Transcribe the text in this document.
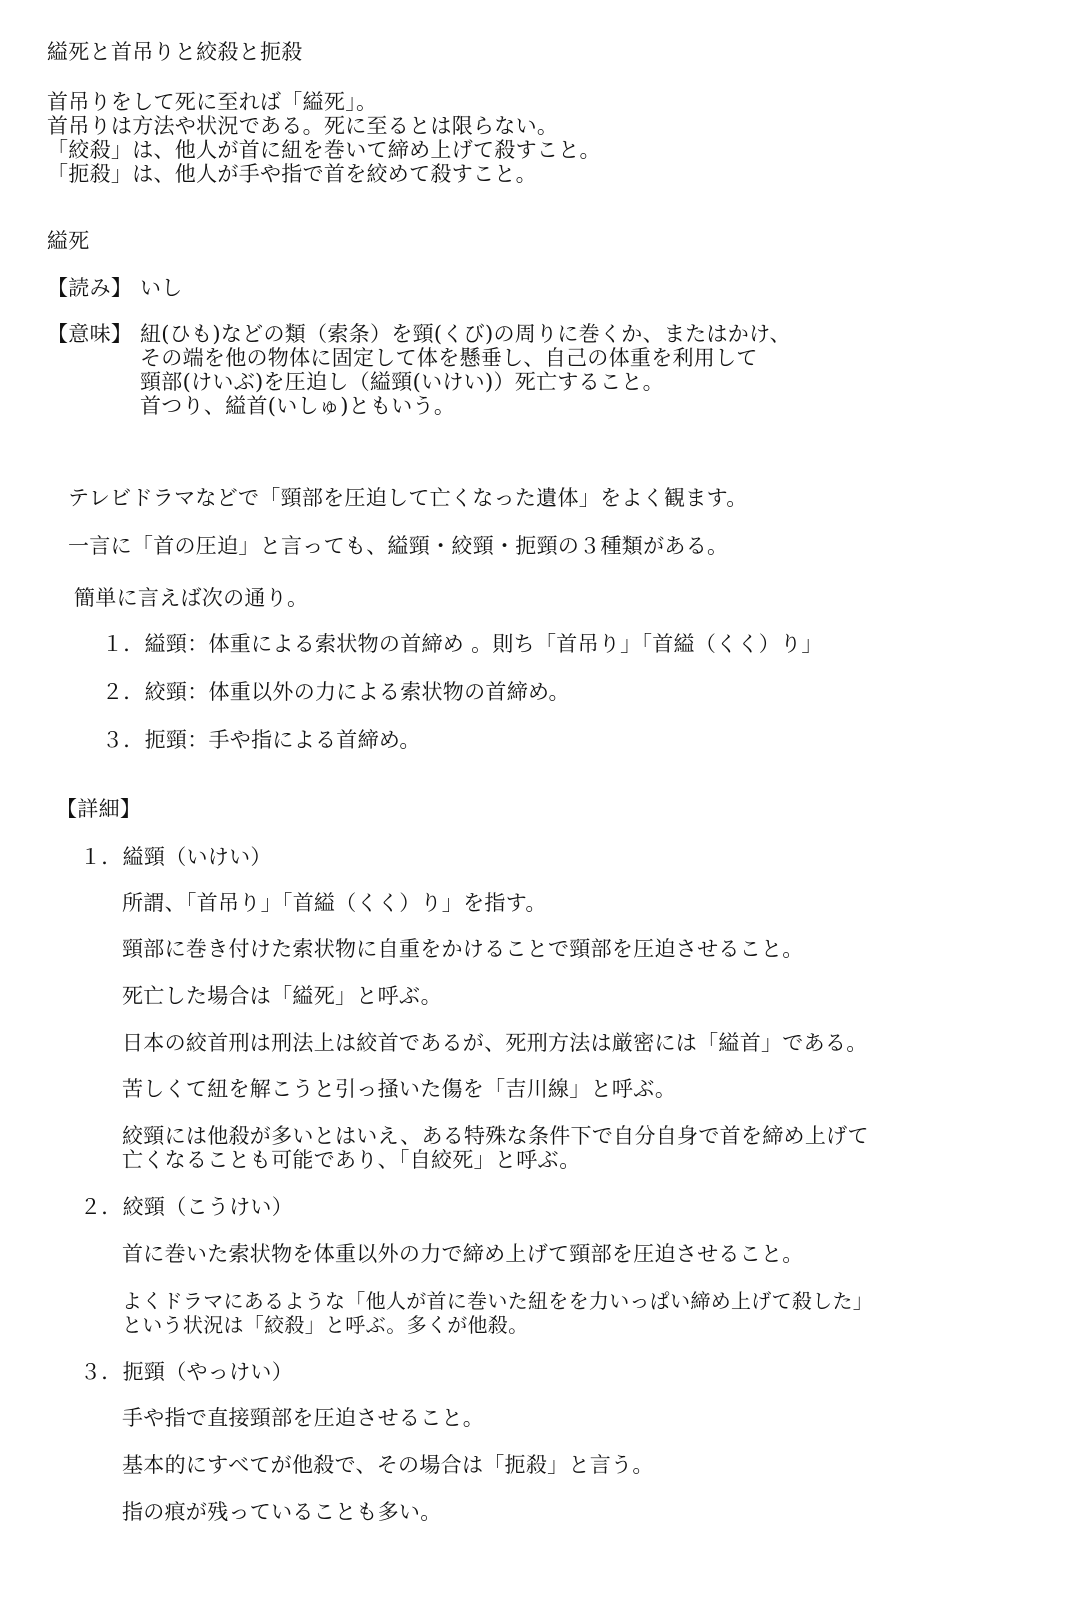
縊死と首吊りと絞殺と扼殺

首吊りをして死に至れば「縊死」。

首吊りは方法や状況である。死に至るとは限らない。

「絞殺」は、他人が首に紐を巻いて締め上げて殺すこと。

「扼殺」は、他人が手や指で首を絞めて殺すこと。

縊死

【読み】 いし

【意味】 紐(ひも)などの類（索条）を頸(くび)の周りに巻くか、またはかけ、

その端を他の物体に固定して体を懸垂し、自己の体重を利用して

頸部(けいぶ)を圧迫し（縊頸(いけい)）死亡すること。

首つり、縊首(いしゅ)ともいう。

テレビドラマなどで「頸部を圧迫して亡くなった遺体」をよく観ます。

一言に「首の圧迫」と言っても、縊頸・絞頸・扼頸の３種類がある。

簡単に言えば次の通り。

１．縊頸：体重による索状物の首締め 。則ち「首吊り」「首縊（くく）り」

２．絞頸：体重以外の力による索状物の首締め。

３．扼頸：手や指による首締め。

【詳細】

１．縊頸（いけい）

所謂、「首吊り」「首縊（くく）り」を指す。

頸部に巻き付けた索状物に自重をかけることで頸部を圧迫させること。

死亡した場合は「縊死」と呼ぶ。

日本の絞首刑は刑法上は絞首であるが、死刑方法は厳密には「縊首」である。

苦しくて紐を解こうと引っ掻いた傷を「吉川線」と呼ぶ。

絞頸には他殺が多いとはいえ、ある特殊な条件下で自分自身で首を締め上げて

亡くなることも可能であり、「自絞死」と呼ぶ。

２．絞頸（こうけい）

首に巻いた索状物を体重以外の力で締め上げて頸部を圧迫させること。

よくドラマにあるような「他人が首に巻いた紐をを力いっぱい締め上げて殺した」

という状況は「絞殺」と呼ぶ。多くが他殺。

３．扼頸（やっけい）

手や指で直接頸部を圧迫させること。

基本的にすべてが他殺で、その場合は「扼殺」と言う。

指の痕が残っていることも多い。
